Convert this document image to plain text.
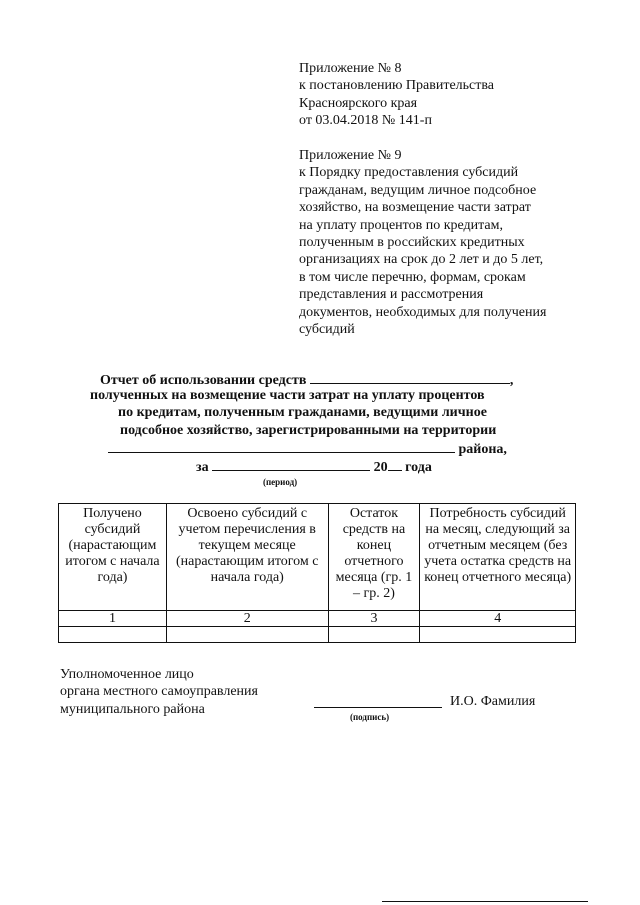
Приложение № 8
к постановлению Правительства
Красноярского края
от 03.04.2018 № 141-п
Приложение № 9
к Порядку предоставления субсидий
гражданам, ведущим личное подсобное
хозяйство, на возмещение части затрат
на уплату процентов по кредитам,
полученным в российских кредитных
организациях на срок до 2 лет и до 5 лет,
в том числе перечню, формам, срокам
представления и рассмотрения
документов, необходимых для получения
субсидий
Отчет об использовании средств	,
полученных на возмещение части затрат на уплату процентов
по кредитам, полученным гражданами, ведущими личное
подсобное хозяйство, зарегистрированными на территории
района,
за	20 года
(период)
Получено субсидий (нарастающим итогом с начала года)	Освоено субсидий с учетом перечисления в текущем месяце (нарастающим итогом с начала года)	Остаток средств на конец отчетного месяца (гр. 1 – гр. 2)	Потребность субсидий на месяц, следующий за отчетным месяцем (без учета остатка средств на конец отчетного месяца)
1	2	3	4

Уполномоченное лицо
органа местного самоуправления
муниципального района
И.О. Фамилия
(подпись)
